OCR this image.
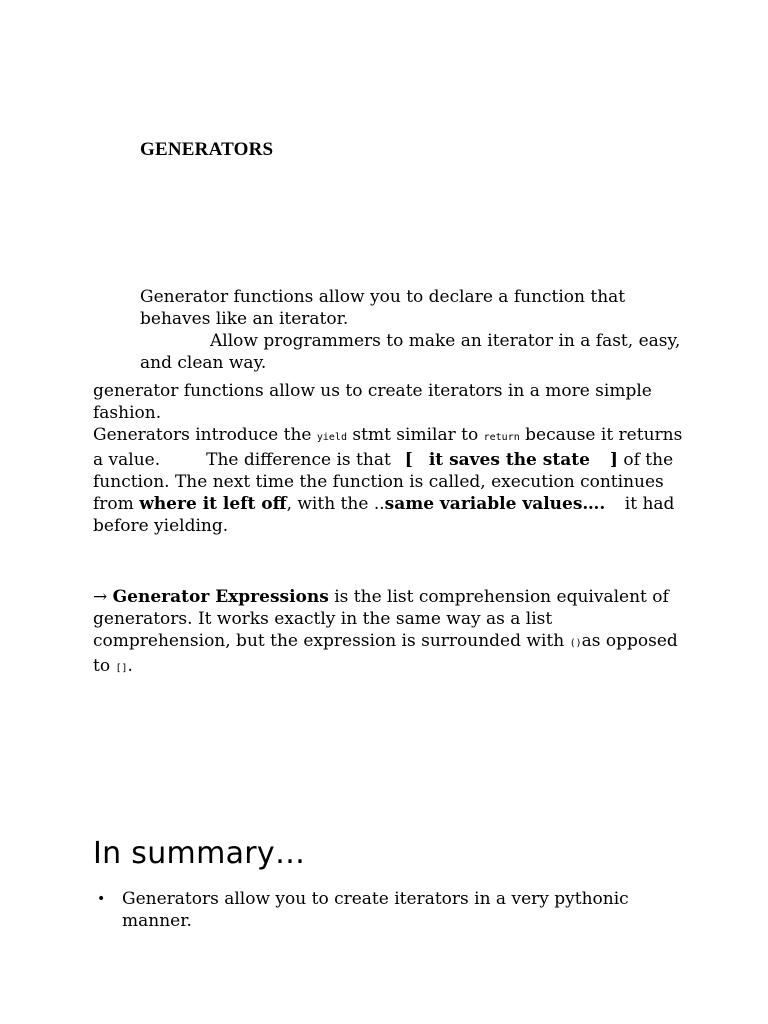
GENERATORS
Generator functions allow you to declare a function that behaves like an iterator.
Allow programmers to make an iterator in a fast, easy, and clean way.
generator functions allow us to create iterators in a more simple fashion.
Generators introduce the yield stmt similar to return because it returns a value.	The difference is that [ it saves the state ] of the function. The next time the function is called, execution continues from where it left off, with the ..same variable values…. it had before yielding.
→ Generator Expressions is the list comprehension equivalent of generators. It works exactly in the same way as a list comprehension, but the expression is surrounded with ()as opposed to [].
In summary…
• Generators allow you to create iterators in a very pythonic manner.
